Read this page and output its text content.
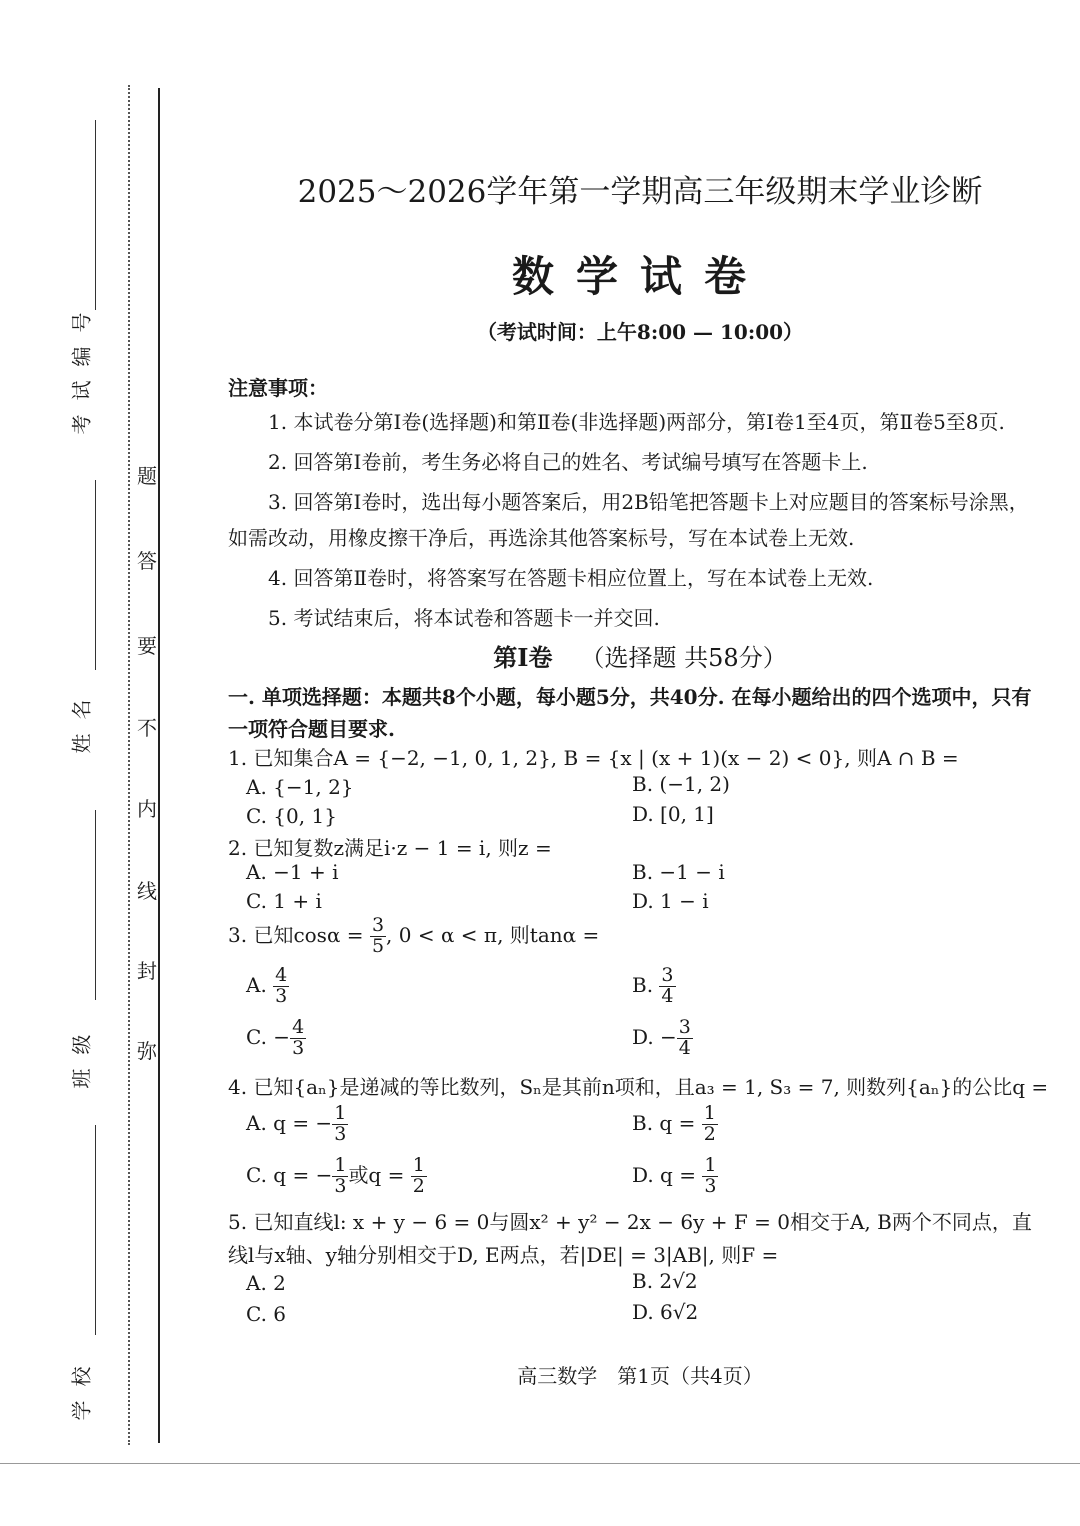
考试编号
姓名
班级
学校
题
答
要
不
内
线
封
弥
2025～2026学年第一学期高三年级期末学业诊断
数学试卷
（考试时间：上午8:00 — 10:00）
注意事项：
1. 本试卷分第Ⅰ卷(选择题)和第Ⅱ卷(非选择题)两部分，第Ⅰ卷1至4页，第Ⅱ卷5至8页.
2. 回答第Ⅰ卷前，考生务必将自己的姓名、考试编号填写在答题卡上.
3. 回答第Ⅰ卷时，选出每小题答案后，用2B铅笔把答题卡上对应题目的答案标号涂黑，如需改动，用橡皮擦干净后，再选涂其他答案标号，写在本试卷上无效.
4. 回答第Ⅱ卷时，将答案写在答题卡相应位置上，写在本试卷上无效.
5. 考试结束后，将本试卷和答题卡一并交回.
第Ⅰ卷 （选择题 共58分）
一. 单项选择题：本题共8个小题，每小题5分，共40分. 在每小题给出的四个选项中，只有一项符合题目要求.
1. 已知集合A = {−2, −1, 0, 1, 2}, B = {x | (x + 1)(x − 2) < 0}, 则A ∩ B =
A. {−1, 2}	B. (−1, 2)
C. {0, 1}	D. [0, 1]
2. 已知复数z满足i·z − 1 = i, 则z =
A. −1 + i	B. −1 − i
C. 1 + i	D. 1 − i
3. 已知$\cos\alpha = \frac{3}{5}$ , 0 < α < π, 则tanα =
A. $\frac{4}{3}$	B. $\frac{3}{4}$
C. − $\frac{4}{3}$	D. − $\frac{3}{4}$
4. 已知{aₙ}是递减的等比数列，Sₙ是其前n项和，且a₃ = 1, S₃ = 7, 则数列{aₙ}的公比q =
A. q = − $\frac{1}{3}$	B. $q = \frac{1}{2}$
C. q = − $\frac{1}{3}$ 或$q = \frac{1}{2}$	D. $q = \frac{1}{3}$
5. 已知直线l: x + y − 6 = 0与圆x² + y² − 2x − 6y + F = 0相交于A, B两个不同点，直线l与x轴、y轴分别相交于D, E两点，若|DE| = 3|AB|, 则F =
A. 2	B. 2√2
C. 6	D. 6√2
高三数学　第1页（共4页）
